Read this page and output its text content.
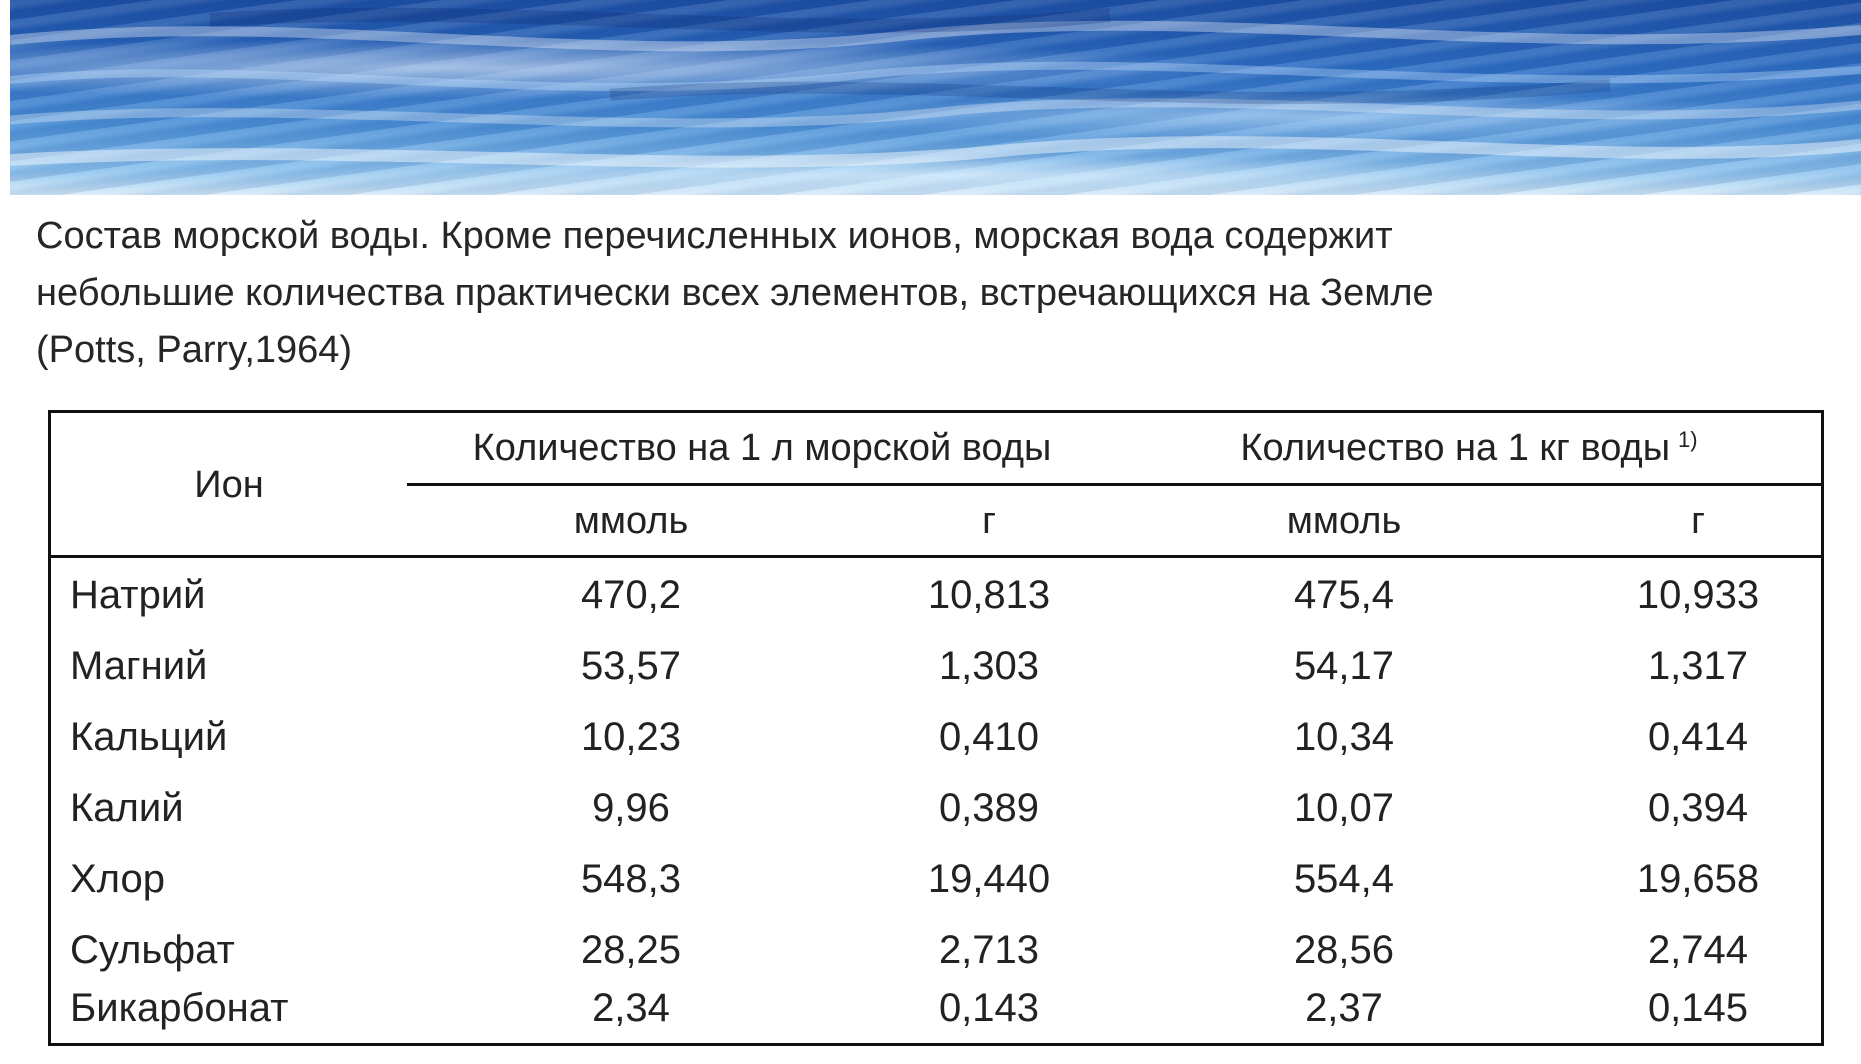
Состав морской воды. Кроме перечисленных ионов, морская вода содержит

небольшие количества практически всех элементов, встречающихся на Земле

(Potts, Parry,1964)

Ион
Количество на 1 л морской воды	Количество на 1 кг воды $^{1)}$
ммоль	г	ммоль	г
Натрий	470,2	10,813	475,4	10,933
Магний	53,57	1,303	54,17	1,317
Кальций	10,23	0,410	10,34	0,414
Калий	9,96	0,389	10,07	0,394
Хлор	548,3	19,440	554,4	19,658
Сульфат	28,25	2,713	28,56	2,744
Бикарбонат	2,34	0,143	2,37	0,145
